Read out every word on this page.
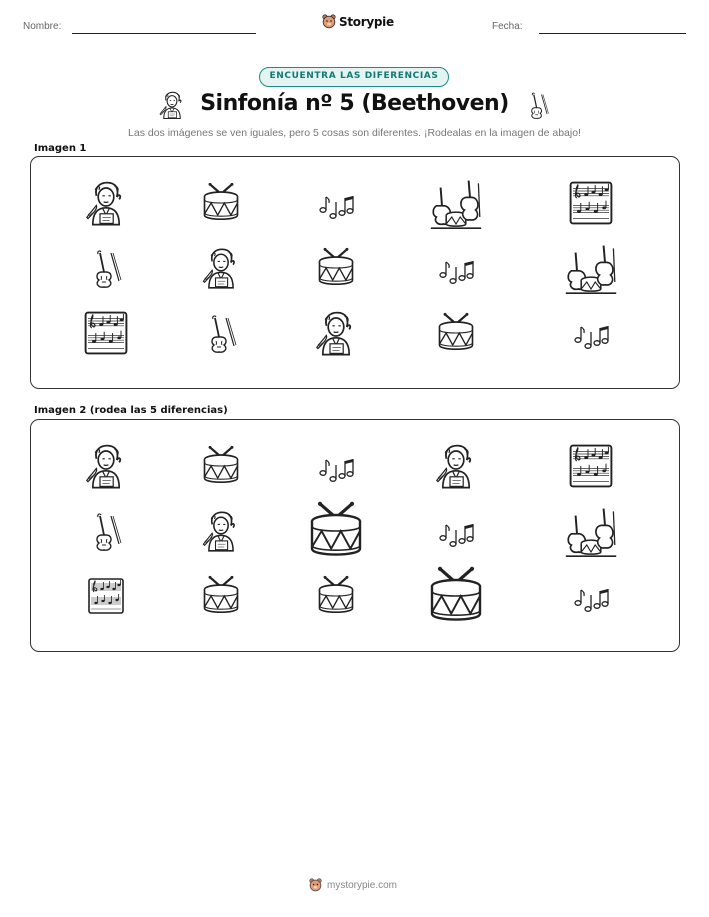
Nombre:	Storypie	Fecha:
ENCUENTRA LAS DIFERENCIAS
Sinfonía nº 5 (Beethoven)
Las dos imágenes se ven iguales, pero 5 cosas son diferentes. ¡Rodealas en la imagen de abajo!
Imagen 1
Imagen 2 (rodea las 5 diferencias)
mystorypie.com
